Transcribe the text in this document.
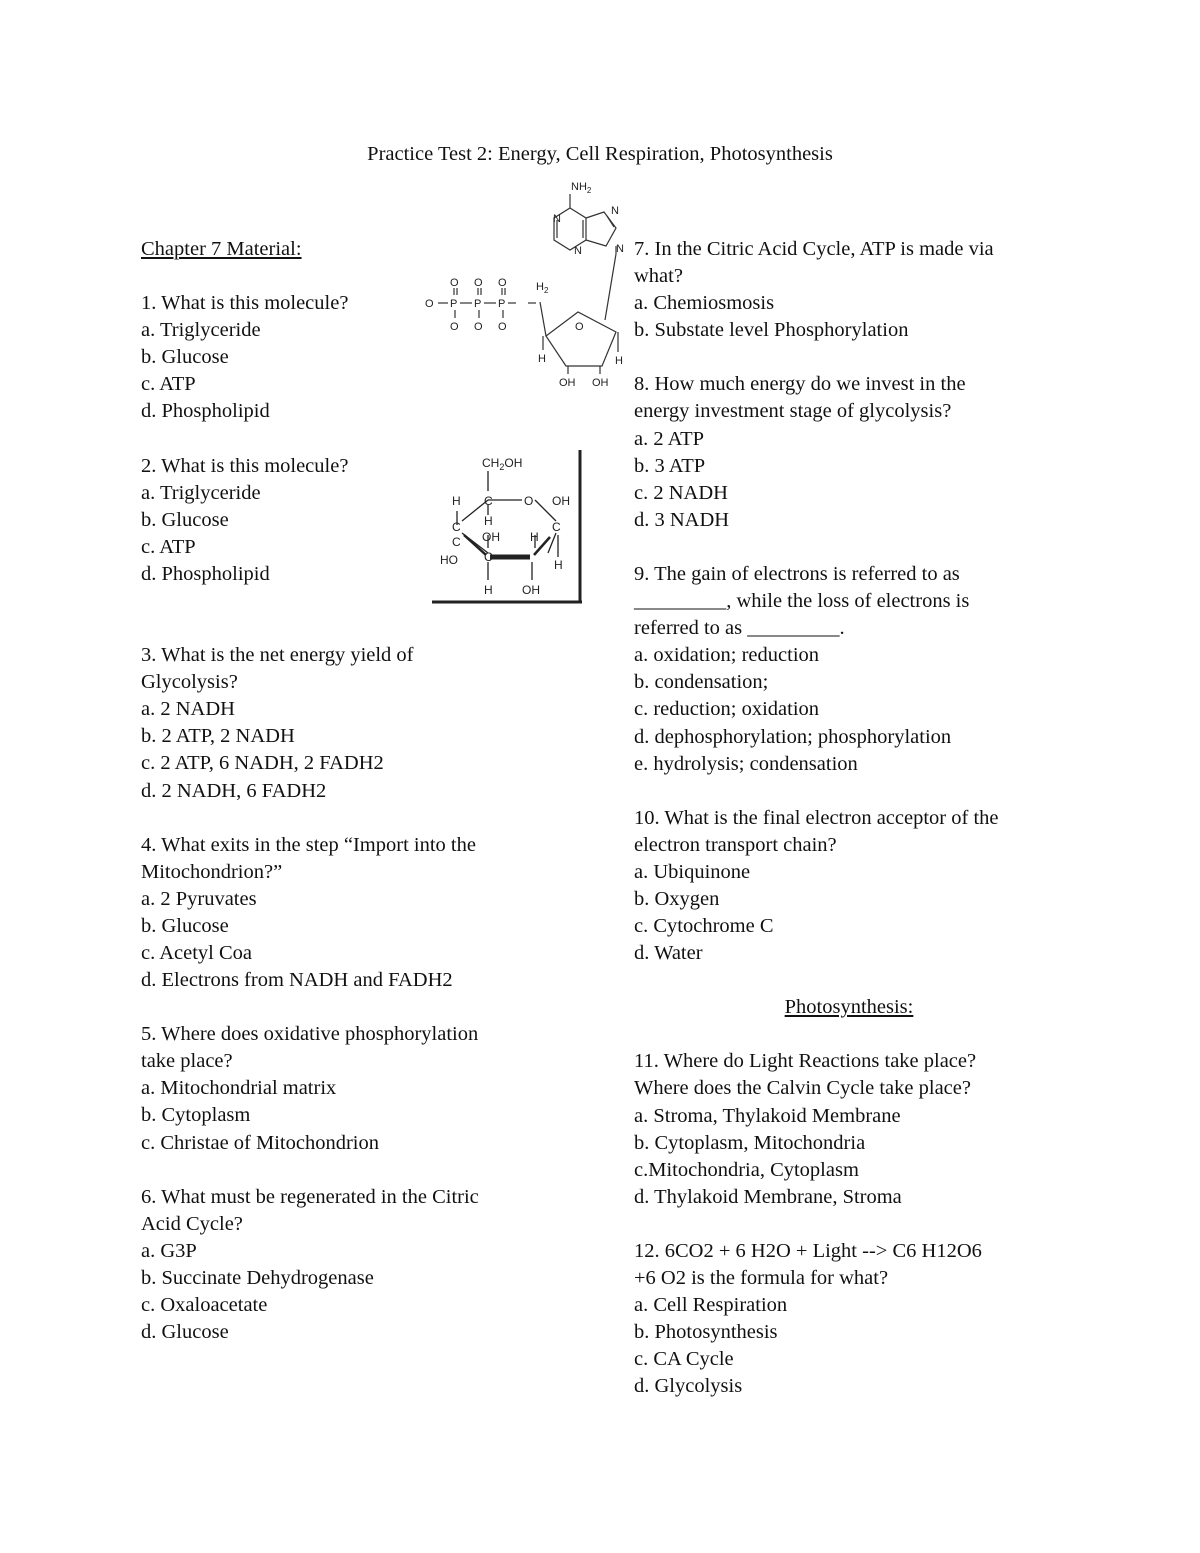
Practice Test 2: Energy, Cell Respiration, Photosynthesis
Chapter 7 Material:
1. What is this molecule?
a. Triglyceride
b. Glucose
c. ATP
d. Phospholipid
2. What is this molecule?
a. Triglyceride
b. Glucose
c. ATP
d. Phospholipid
3. What is the net energy yield of
Glycolysis?
a. 2 NADH
b. 2 ATP, 2 NADH
c. 2 ATP, 6 NADH, 2 FADH2
d. 2 NADH, 6 FADH2
4. What exits in the step “Import into the
Mitochondrion?”
a. 2 Pyruvates
b. Glucose
c. Acetyl Coa
d. Electrons from NADH and FADH2
5. Where does oxidative phosphorylation
take place?
a. Mitochondrial matrix
b. Cytoplasm
c. Christae of Mitochondrion
6. What must be regenerated in the Citric
Acid Cycle?
a. G3P
b. Succinate Dehydrogenase
c. Oxaloacetate
d. Glucose
7. In the Citric Acid Cycle, ATP is made via
what?
a. Chemiosmosis
b. Substate level Phosphorylation
8. How much energy do we invest in the
energy investment stage of glycolysis?
a. 2 ATP
b. 3 ATP
c. 2 NADH
d. 3 NADH
9. The gain of electrons is referred to as
_________, while the loss of electrons is
referred to as _________.
a. oxidation; reduction
b. condensation;
c. reduction; oxidation
d. dephosphorylation; phosphorylation
e. hydrolysis; condensation
10. What is the final electron acceptor of the
electron transport chain?
a. Ubiquinone
b. Oxygen
c. Cytochrome C
d. Water
Photosynthesis:
11. Where do Light Reactions take place?
Where does the Calvin Cycle take place?
a. Stroma, Thylakoid Membrane
b. Cytoplasm, Mitochondria
c.Mitochondria, Cytoplasm
d. Thylakoid Membrane, Stroma
12. 6CO2 + 6 H2O + Light --> C6 H12O6
+6 O2 is the formula for what?
a. Cell Respiration
b. Photosynthesis
c. CA Cycle
d. Glycolysis
$NH_2$
N
N
N
N
O O O
O P P P
O O O
$H_2$
O
H	H
OH OH
$CH_2OH$
H C	O OH
C H	C
OH	H
C
HO C
H
H OH
